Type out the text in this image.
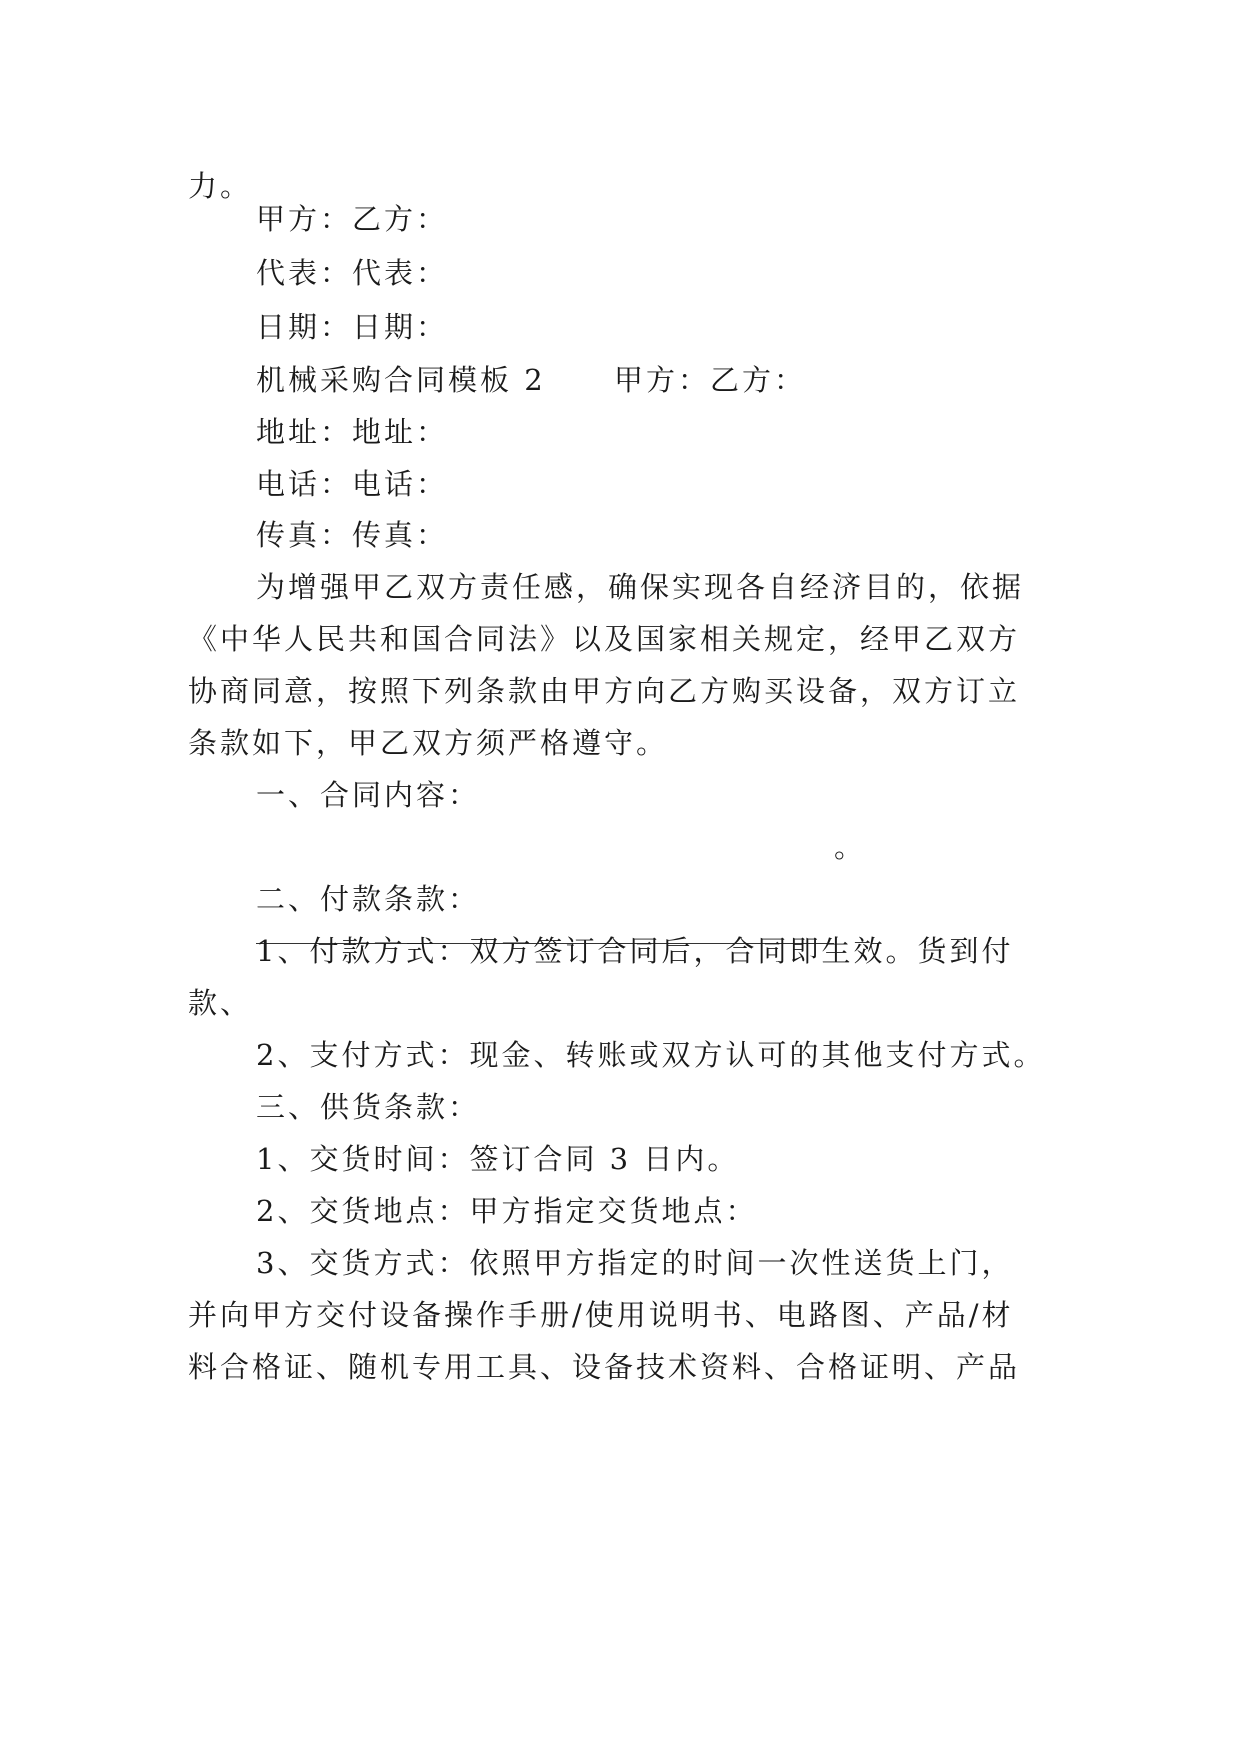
力。
甲方：乙方：
代表：代表：
日期：日期：
机械采购合同模板 2 甲方：乙方：
地址：地址：
电话：电话：
传真：传真：
为增强甲乙双方责任感，确保实现各自经济目的，依据
《中华人民共和国合同法》以及国家相关规定，经甲乙双方
协商同意，按照下列条款由甲方向乙方购买设备，双方订立
条款如下，甲乙双方须严格遵守。
一、合同内容：
。
二、付款条款：
1、付款方式：双方签订合同后，合同即生效。货到付
款、
2、支付方式：现金、转账或双方认可的其他支付方式。
三、供货条款：
1、交货时间：签订合同 3 日内。
2、交货地点：甲方指定交货地点：
3、交货方式：依照甲方指定的时间一次性送货上门，
并向甲方交付设备操作手册/使用说明书、电路图、产品/材
料合格证、随机专用工具、设备技术资料、合格证明、产品
